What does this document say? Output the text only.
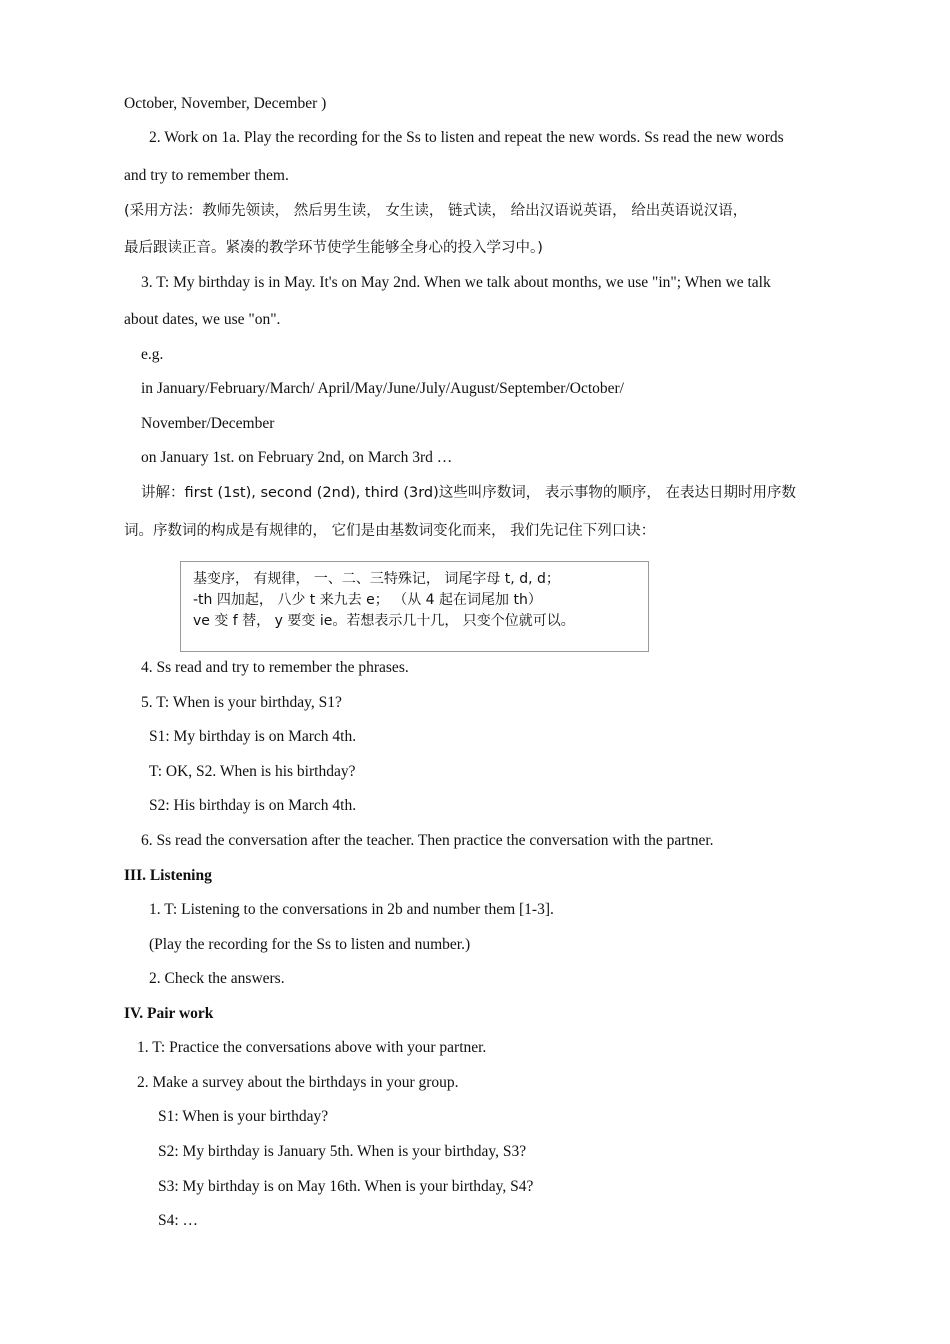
October, November, December )
2. Work on 1a. Play the recording for the Ss to listen and repeat the new words. Ss read the new words
and try to remember them.
(采用方法：教师先领读， 然后男生读， 女生读， 链式读， 给出汉语说英语， 给出英语说汉语，
最后跟读正音。紧凑的教学环节使学生能够全身心的投入学习中。)
3. T: My birthday is in May. It's on May 2nd. When we talk about months, we use "in"; When we talk
about dates, we use "on".
e.g.
in January/February/March/ April/May/June/July/August/September/October/
November/December
on January 1st. on February 2nd, on March 3rd …
讲解：first (1st), second (2nd), third (3rd)这些叫序数词， 表示事物的顺序， 在表达日期时用序数
词。序数词的构成是有规律的， 它们是由基数词变化而来， 我们先记住下列口诀：
基变序， 有规律， 一、二、三特殊记， 词尾字母 t, d, d；
-th 四加起， 八少 t 来九去 e； （从 4 起在词尾加 th）
ve 变 f 替， y 要变 ie。若想表示几十几， 只变个位就可以。
4. Ss read and try to remember the phrases.
5. T: When is your birthday, S1?
S1: My birthday is on March 4th.
T: OK, S2. When is his birthday?
S2: His birthday is on March 4th.
6. Ss read the conversation after the teacher. Then practice the conversation with the partner.
III. Listening
1. T: Listening to the conversations in 2b and number them [1-3].
(Play the recording for the Ss to listen and number.)
2. Check the answers.
IV. Pair work
1. T: Practice the conversations above with your partner.
2. Make a survey about the birthdays in your group.
S1: When is your birthday?
S2: My birthday is January 5th. When is your birthday, S3?
S3: My birthday is on May 16th. When is your birthday, S4?
S4: …
